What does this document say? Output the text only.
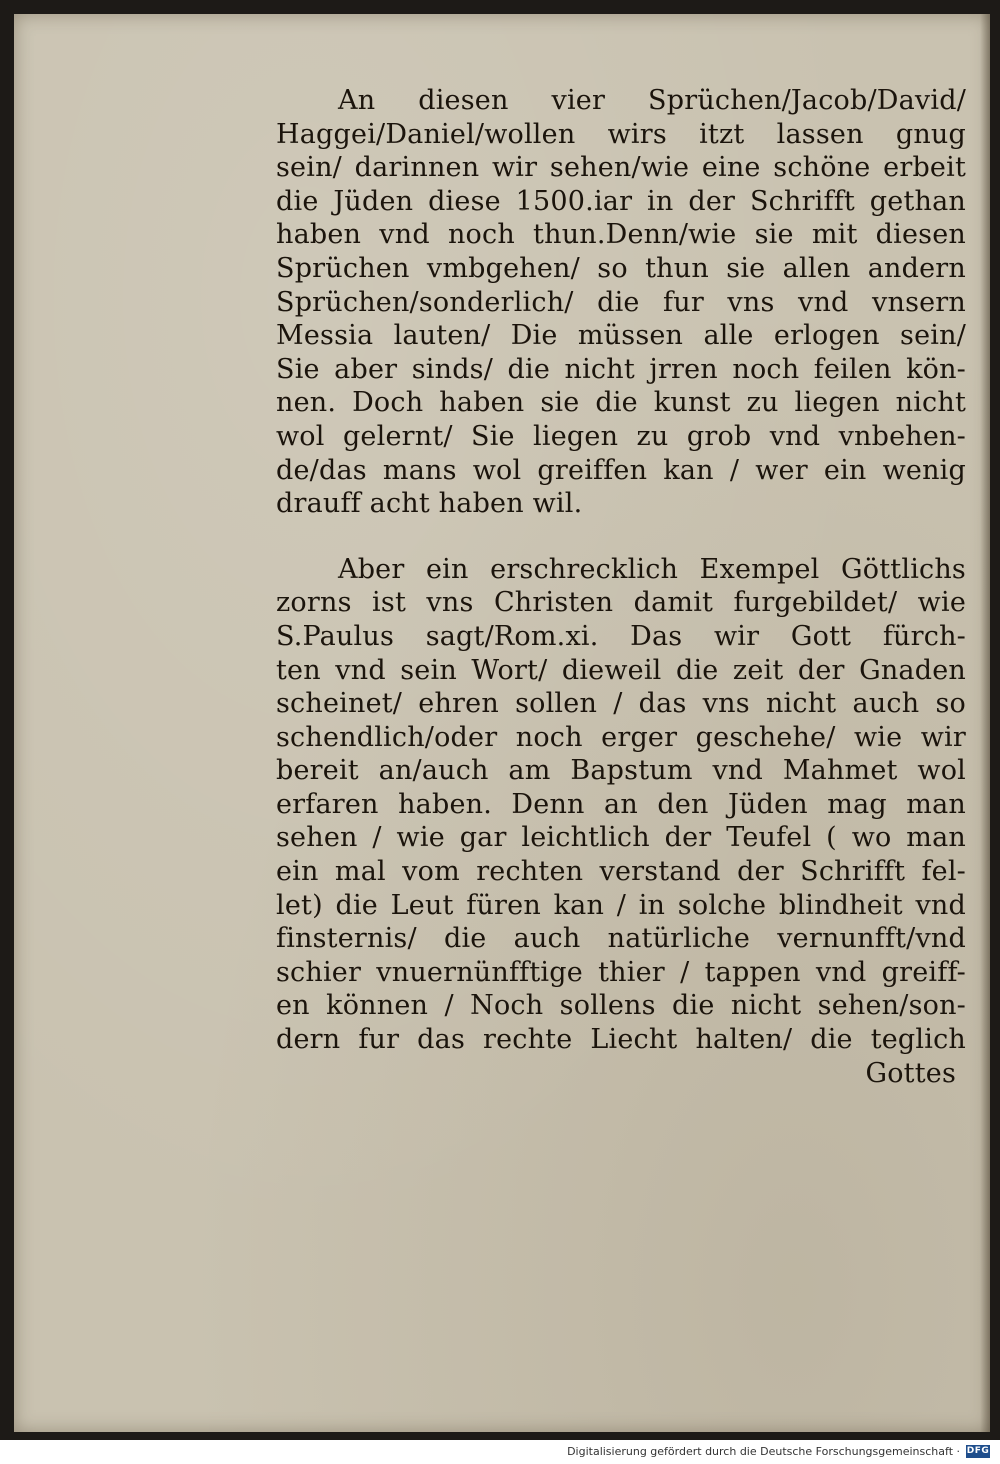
An diesen vier Sprüchen/Jacob/David/
Haggei/Daniel/wollen wirs itzt lassen gnug
sein/ darinnen wir sehen/wie eine schöne erbeit
die Jüden diese 1500.iar in der Schrifft gethan
haben vnd noch thun.Denn/wie sie mit diesen
Sprüchen vmbgehen/ so thun sie allen andern
Sprüchen/sonderlich/ die fur vns vnd vnsern
Messia lauten/ Die müssen alle erlogen sein/
Sie aber sinds/ die nicht jrren noch feilen kön-
nen. Doch haben sie die kunst zu liegen nicht
wol gelernt/ Sie liegen zu grob vnd vnbehen-
de/das mans wol greiffen kan / wer ein wenig
drauff acht haben wil.
Aber ein erschrecklich Exempel Göttlichs
zorns ist vns Christen damit furgebildet/ wie
S.Paulus sagt/Rom.xi. Das wir Gott fürch-
ten vnd sein Wort/ dieweil die zeit der Gnaden
scheinet/ ehren sollen / das vns nicht auch so
schendlich/oder noch erger geschehe/ wie wir
bereit an/auch am Bapstum vnd Mahmet wol
erfaren haben. Denn an den Jüden mag man
sehen / wie gar leichtlich der Teufel ( wo man
ein mal vom rechten verstand der Schrifft fel-
let) die Leut füren kan / in solche blindheit vnd
finsternis/ die auch natürliche vernunfft/vnd
schier vnuernünfftige thier / tappen vnd greiff-
en können / Noch sollens die nicht sehen/son-
dern fur das rechte Liecht halten/ die teglich
Gottes
Digitalisierung gefördert durch die Deutsche Forschungsgemeinschaft · DFG
